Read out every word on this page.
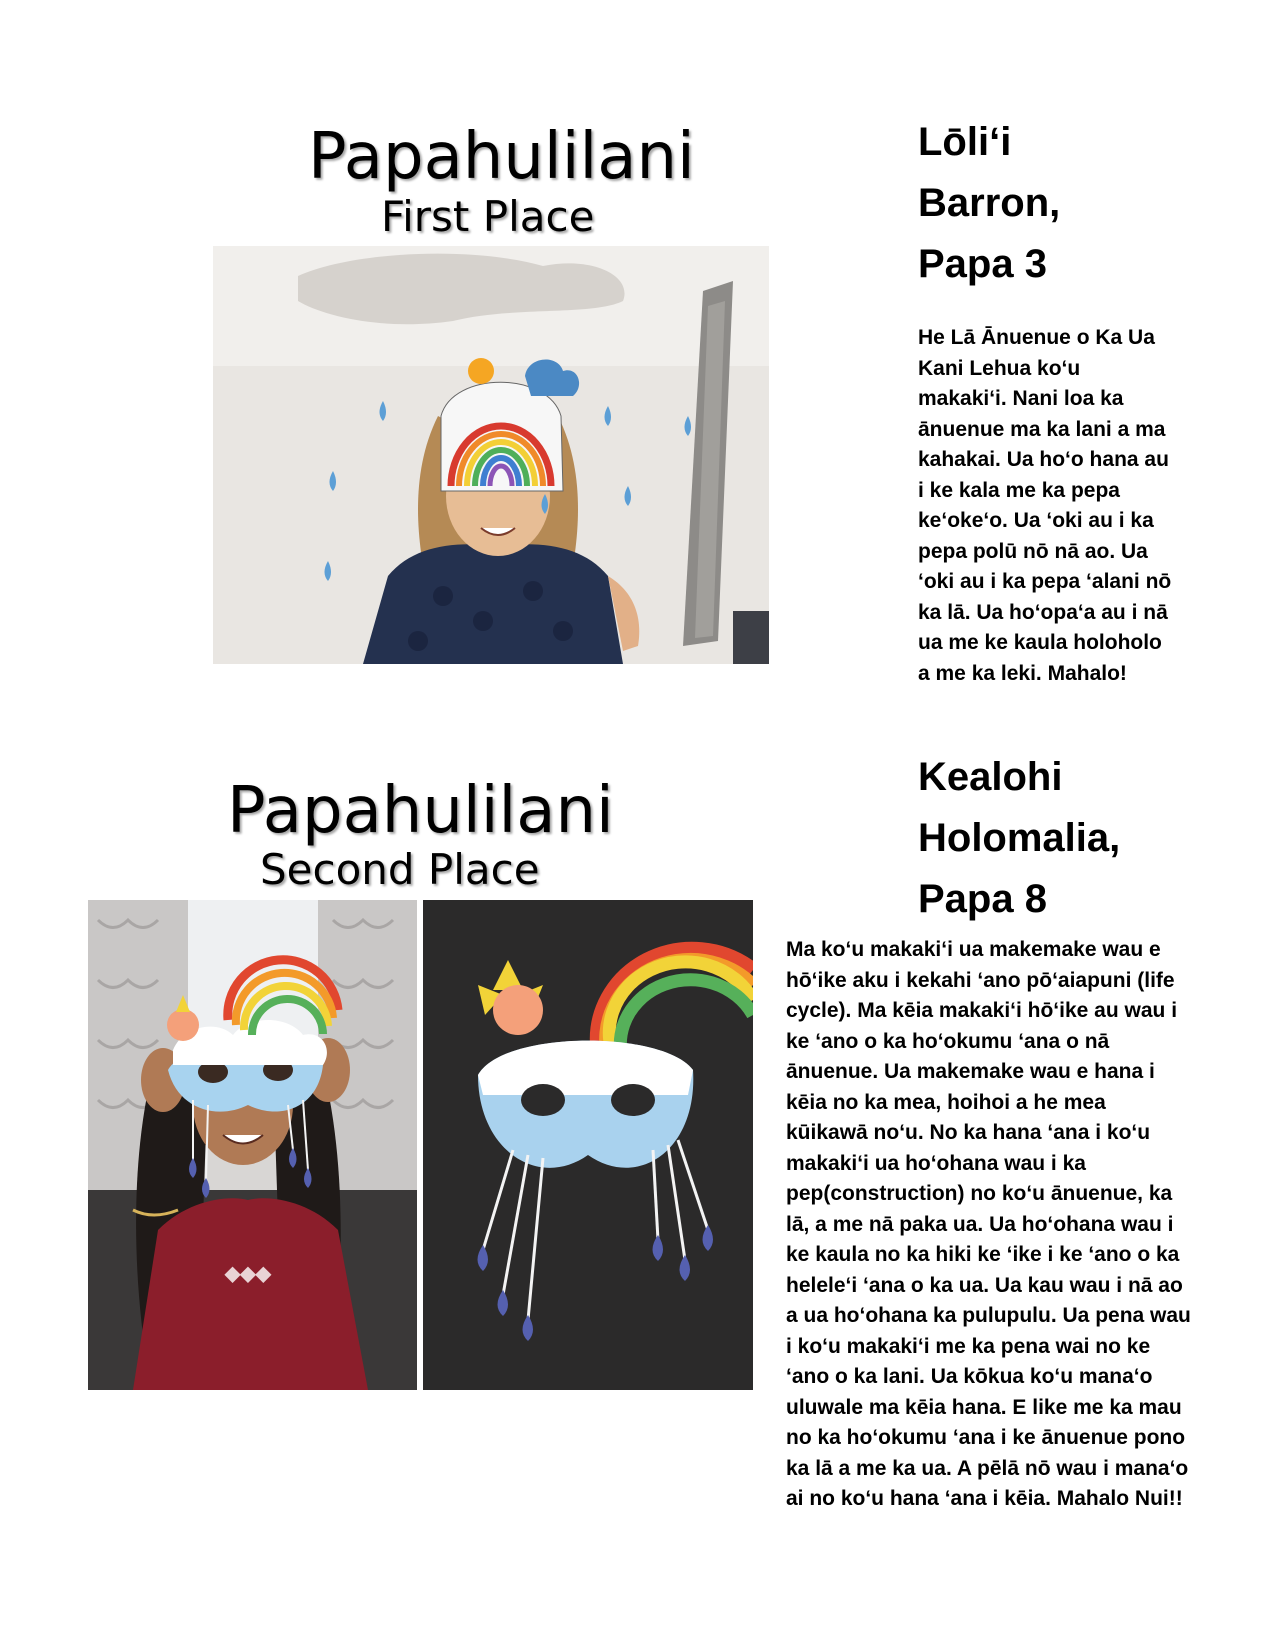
Papahulilani
First Place
Lōliʻi
Barron,
Papa 3
He Lā Ānuenue o Ka Ua Kani Lehua koʻu makakiʻi. Nani loa ka ānuenue ma ka lani a ma kahakai. Ua hoʻo hana au i ke kala me ka pepa keʻokeʻo. Ua ʻoki au i ka pepa polū nō nā ao. Ua ʻoki au i ka pepa ʻalani nō ka lā. Ua hoʻopaʻa au i nā ua me ke kaula holoholo a me ka leki. Mahalo!
Papahulilani
Second Place
◆◆◆
Kealohi
Holomalia,
Papa 8
Ma koʻu makakiʻi ua makemake wau e hōʻike aku i kekahi ʻano pōʻaiapuni (life cycle). Ma kēia makakiʻi hōʻike au wau i ke ʻano o ka hoʻokumu ʻana o nā ānuenue. Ua makemake wau e hana i kēia no ka mea, hoihoi a he mea kūikawā noʻu. No ka hana ʻana i koʻu makakiʻi ua hoʻohana wau i ka pep(construction) no koʻu ānuenue, ka lā, a me nā paka ua. Ua hoʻohana wau i ke kaula no ka hiki ke ʻike i ke ʻano o ka heleleʻi ʻana o ka ua. Ua kau wau i nā ao a ua hoʻohana ka pulupulu. Ua pena wau i koʻu makakiʻi me ka pena wai no ke ʻano o ka lani. Ua kōkua koʻu manaʻo uluwale ma kēia hana. E like me ka mau no ka hoʻokumu ʻana i ke ānuenue pono ka lā a me ka ua. A pēlā nō wau i manaʻo ai no koʻu hana ʻana i kēia. Mahalo Nui!!
